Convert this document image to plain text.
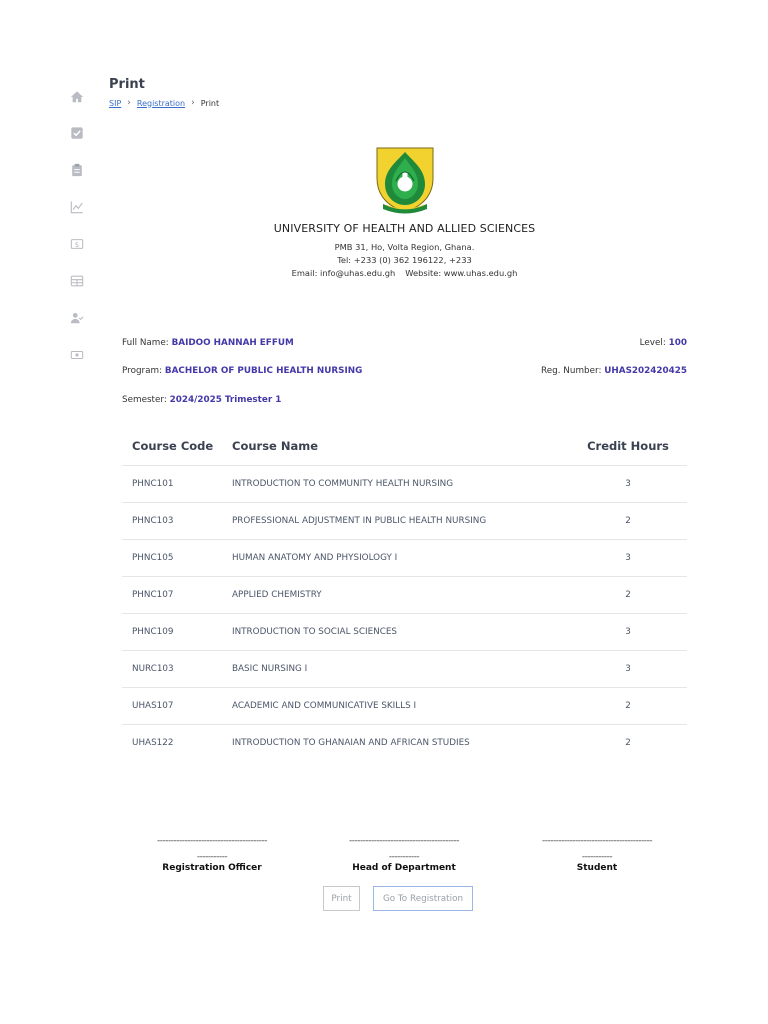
$
Print
SIP › Registration › Print
UNIVERSITY OF HEALTH AND ALLIED SCIENCES
PMB 31, Ho, Volta Region, Ghana.
Tel: +233 (0) 362 196122, +233
Email: info@uhas.edu.gh Website: www.uhas.edu.gh
Full Name: BAIDOO HANNAH EFFUM	Level: 100
Program: BACHELOR OF PUBLIC HEALTH NURSING	Reg. Number: UHAS202420425
Semester: 2024/2025 Trimester 1
Course Code	Course Name	Credit Hours
PHNC101	INTRODUCTION TO COMMUNITY HEALTH NURSING	3
PHNC103	PROFESSIONAL ADJUSTMENT IN PUBLIC HEALTH NURSING	2
PHNC105	HUMAN ANATOMY AND PHYSIOLOGY I	3
PHNC107	APPLIED CHEMISTRY	2
PHNC109	INTRODUCTION TO SOCIAL SCIENCES	3
NURC103	BASIC NURSING I	3
UHAS107	ACADEMIC AND COMMUNICATIVE SKILLS I	2
UHAS122	INTRODUCTION TO GHANAIAN AND AFRICAN STUDIES	2
----------------------------------------
-----------
Registration Officer
----------------------------------------
-----------
Head of Department
----------------------------------------
-----------
Student
Print	Go To Registration
